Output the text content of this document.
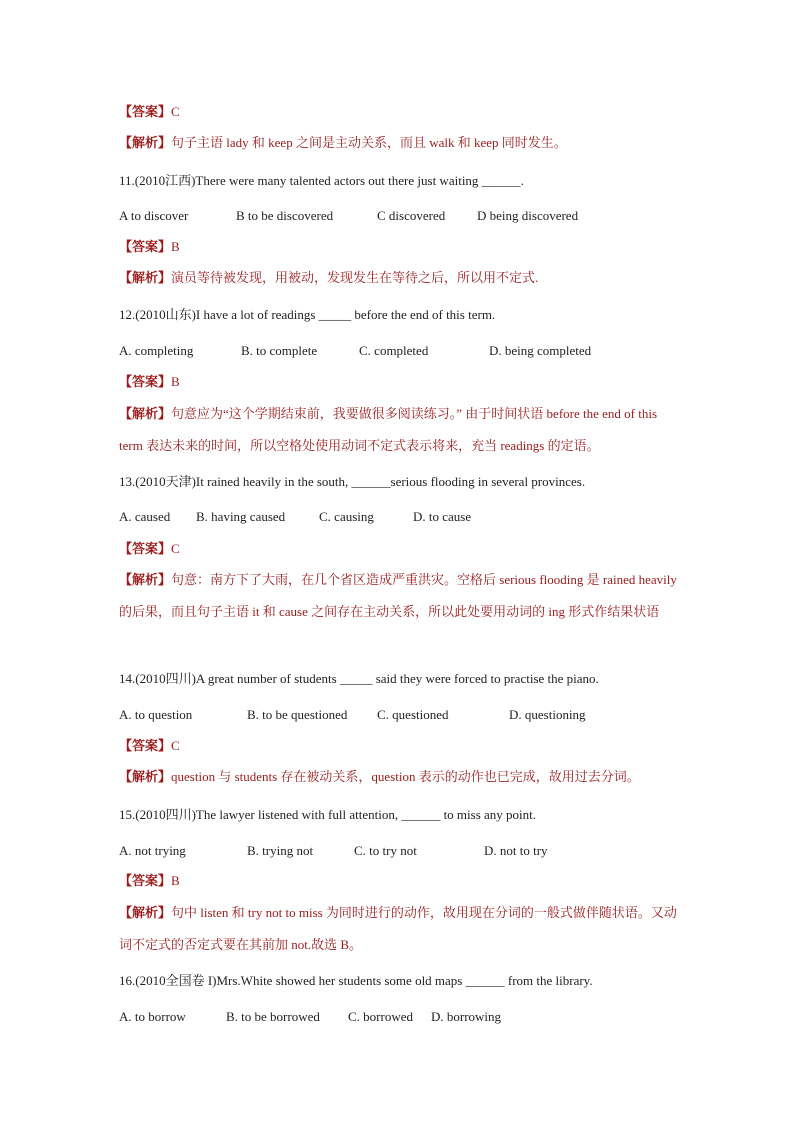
【答案】C
【解析】句子主语 lady 和 keep 之间是主动关系，而且 walk 和 keep 同时发生。
11.(2010江西)There were many talented actors out there just waiting ______.
A to discover	B to be discovered	C discovered D being discovered
【答案】B
【解析】演员等待被发现，用被动，发现发生在等待之后，所以用不定式.
12.(2010山东)I have a lot of readings _____ before the end of this term.
A. completing	B. to complete	C. completed	D. being completed
【答案】B
【解析】句意应为“这个学期结束前，我要做很多阅读练习。” 由于时间状语 before the end of this term 表达未来的时间，所以空格处使用动词不定式表示将来，充当 readings 的定语。
13.(2010天津)It rained heavily in the south, ______serious flooding in several provinces.
A. caused B. having caused	C. causing	D. to cause
【答案】C
【解析】句意：南方下了大雨，在几个省区造成严重洪灾。空格后 serious flooding 是 rained heavily 的后果，而且句子主语 it 和 cause 之间存在主动关系，所以此处要用动词的 ing 形式作结果状语
14.(2010四川)A great number of students _____ said they were forced to practise the piano.
A. to question	B. to be questioned C. questioned	D. questioning
【答案】C
【解析】question 与 students 存在被动关系，question 表示的动作也已完成，故用过去分词。
15.(2010四川)The lawyer listened with full attention, ______ to miss any point.
A. not trying	B. trying not	C. to try not	D. not to try
【答案】B
【解析】句中 listen 和 try not to miss 为同时进行的动作，故用现在分词的一般式做伴随状语。又动词不定式的否定式要在其前加 not.故选 B。
16.(2010全国卷 I)Mrs.White showed her students some old maps ______ from the library.
A. to borrow	B. to be borrowed C. borrowed D. borrowing
